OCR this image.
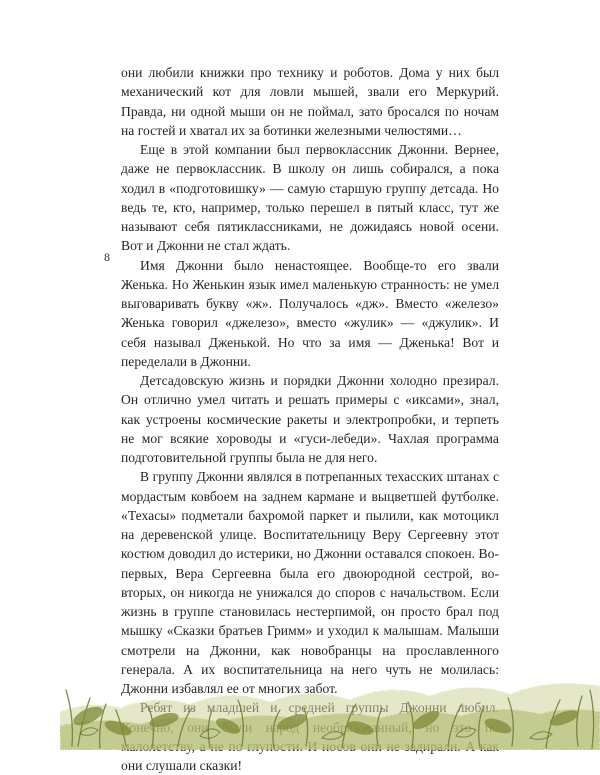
они любили книжки про технику и роботов. Дома у них был механический кот для ловли мышей, звали его Меркурий. Правда, ни одной мыши он не поймал, зато бросался по ночам на гостей и хватал их за ботинки железными челюстями…

Еще в этой компании был первоклассник Джонни. Вернее, даже не первоклассник. В школу он лишь собирался, а пока ходил в «подготовишку» — самую старшую группу детсада. Но ведь те, кто, например, только перешел в пятый класс, тут же называют себя пятиклассниками, не дожидаясь новой осени. Вот и Джонни не стал ждать.

Имя Джонни было ненастоящее. Вообще-то его звали Женька. Но Женькин язык имел маленькую странность: не умел выговаривать букву «ж». Получалось «дж». Вместо «железо» Женька говорил «джелезо», вместо «жулик» — «джулик». И себя называл Дженькой. Но что за имя — Дженька! Вот и переделали в Джонни.

Детсадовскую жизнь и порядки Джонни холодно презирал. Он отлично умел читать и решать примеры с «иксами», знал, как устроены космические ракеты и электропробки, и терпеть не мог всякие хороводы и «гуси-лебеди». Чахлая программа подготовительной группы была не для него.

В группу Джонни являлся в потрепанных техасских штанах с мордастым ковбоем на заднем кармане и выцветшей футболке. «Техасы» подметали бахромой паркет и пылили, как мотоцикл на деревенской улице. Воспитательницу Веру Сергеевну этот костюм доводил до истерики, но Джонни оставался спокоен. Во-первых, Вера Сергеевна была его двоюродной сестрой, во-вторых, он никогда не унижался до споров с начальством. Если жизнь в группе становилась нестерпимой, он просто брал под мышку «Сказки братьев Гримм» и уходил к малышам. Малыши смотрели на Джонни, как новобранцы на прославленного генерала. А их воспитательница на него чуть не молилась: Джонни избавлял ее от многих забот.

они слушали сказки!

8
